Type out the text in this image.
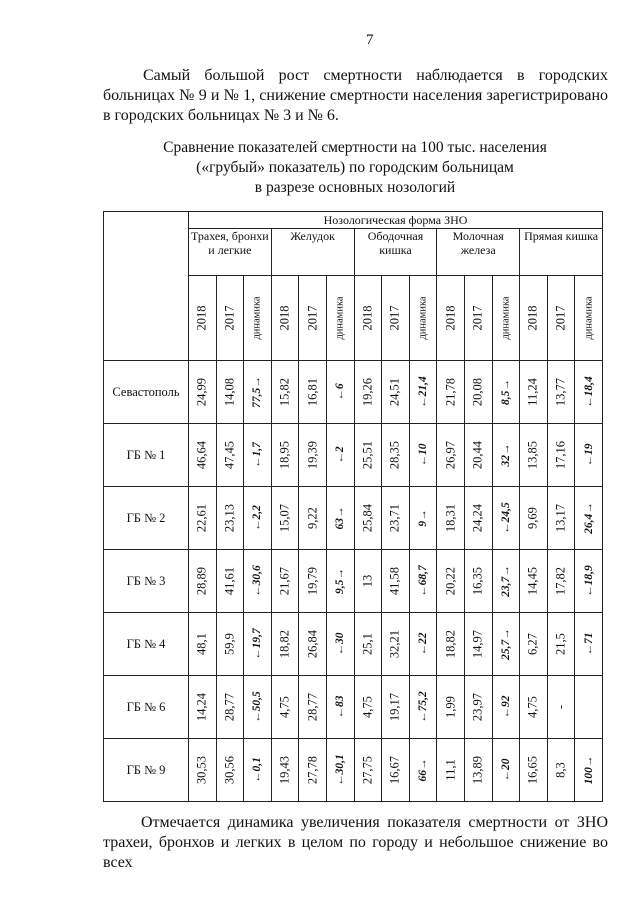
7
Самый большой рост смертности наблюдается в городских больницах № 9 и № 1, снижение смертности населения зарегистрировано в городских больницах № 3 и № 6.
Сравнение показателей смертности на 100 тыс. населения
(«грубый» показатель) по городским больницам
в разрезе основных нозологий
	Нозологическая форма ЗНО														
	Трахея, бронхи и легкие			Желудок			Ободочная кишка			Молочная железа			Прямая кишка		

	2018	2017	динамика	2018	2017	динамика	2018	2017	динамика	2018	2017	динамика	2018	2017	динамика

Севастополь	24,99	14,08	77,5→	15,82	16,81	←6	19,26	24,51	←21,4	21,78	20,08	8,5→	11,24	13,77	←18,4

ГБ № 1	46,64	47,45	←1,7	18,95	19,39	←2	25,51	28,35	←10	26,97	20,44	32→	13,85	17,16	←19

ГБ № 2	22,61	23,13	←2,2	15,07	9,22	63→	25,84	23,71	9→	18,31	24,24	←24,5	9,69	13,17	26,4→

ГБ № 3	28,89	41,61	←30,6	21,67	19,79	9,5→	13	41,58	←68,7	20,22	16,35	23,7→	14,45	17,82	←18,9

ГБ № 4	48,1	59,9	←19,7	18,82	26,84	←30	25,1	32,21	←22	18,82	14,97	25,7→	6,27	21,5	←71

ГБ № 6	14,24	28,77	←50,5	4,75	28,77	←83	4,75	19,17	←75,2	1,99	23,97	←92	4,75	-	

ГБ № 9	30,53	30,56	←0,1	19,43	27,78	←30,1	27,75	16,67	66→	11,1	13,89	←20	16,65	8,3	100→
Отмечается динамика увеличения показателя смертности от ЗНО трахеи, бронхов и легких в целом по городу и небольшое снижение во всех
